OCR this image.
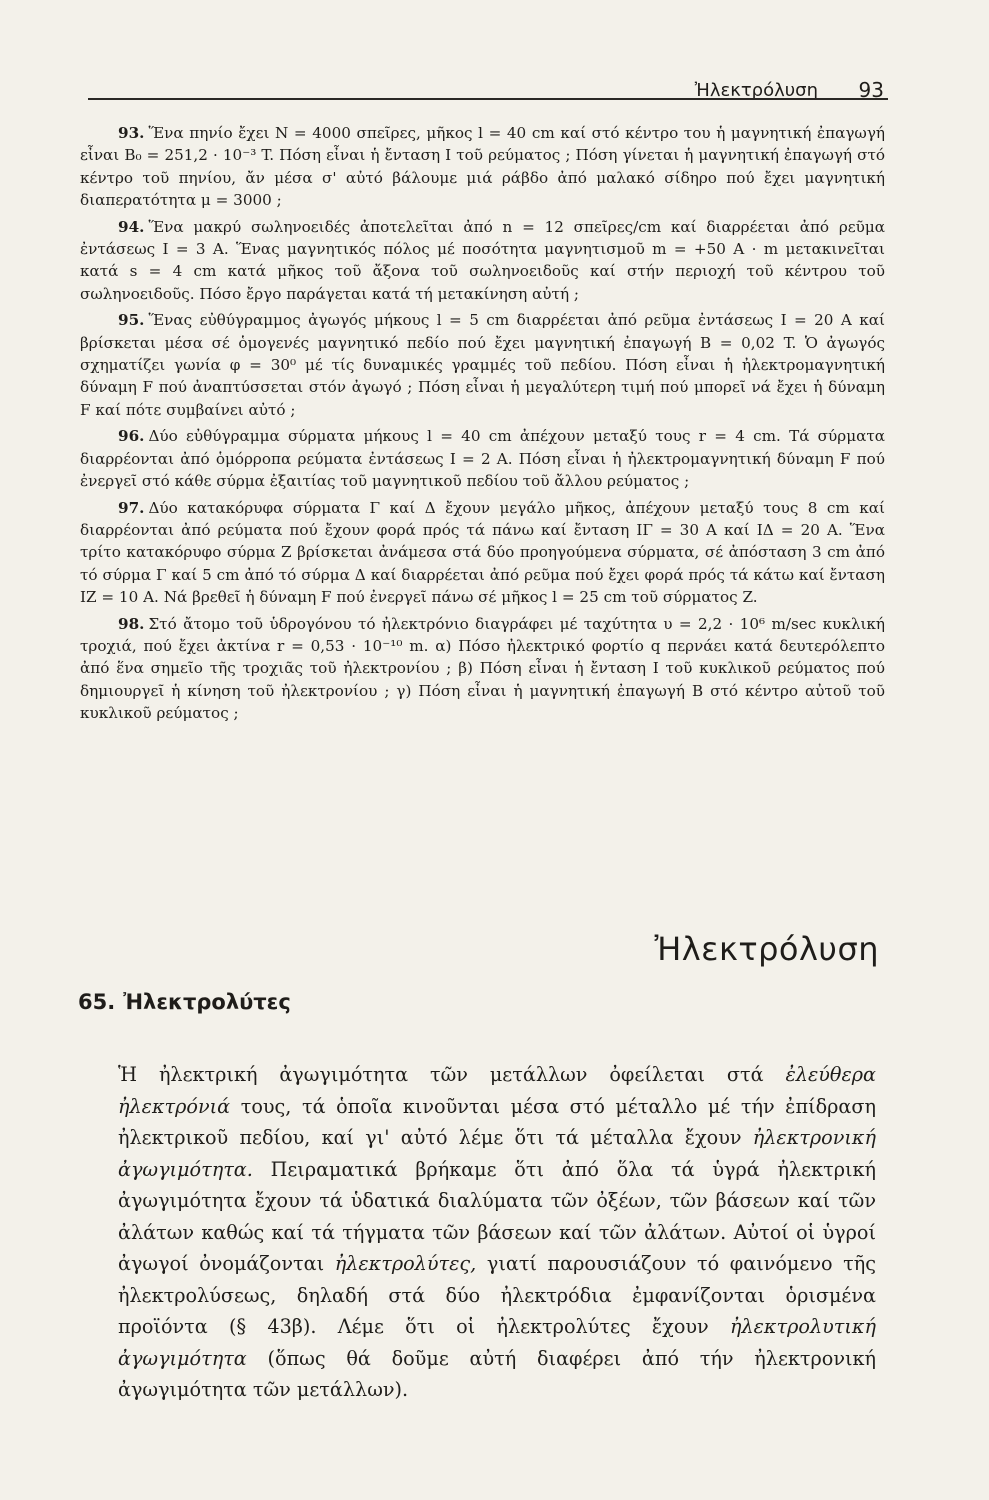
Ἠλεκτρόλυση 93

93. Ἕνα πηνίο ἔχει N = 4000 σπεῖρες, μῆκος l = 40 cm καί στό κέντρο του ἡ μαγνητική ἐπαγωγή εἶναι B₀ = 251,2 · 10⁻³ T. Πόση εἶναι ἡ ἔνταση I τοῦ ρεύματος ; Πόση γίνεται ἡ μαγνητική ἐπαγωγή στό κέντρο τοῦ πηνίου, ἄν μέσα σ' αὐτό βάλουμε μιά ράβδο ἀπό μαλακό σίδηρο πού ἔχει μαγνητική διαπερατότητα μ = 3000 ;

94. Ἕνα μακρύ σωληνοειδές ἀποτελεῖται ἀπό n = 12 σπεῖρες/cm καί διαρρέεται ἀπό ρεῦμα ἐντάσεως I = 3 A. Ἕνας μαγνητικός πόλος μέ ποσότητα μαγνητισμοῦ m = +50 A · m μετακινεῖται κατά s = 4 cm κατά μῆκος τοῦ ἄξονα τοῦ σωληνοειδοῦς καί στήν περιοχή τοῦ κέντρου τοῦ σωληνοειδοῦς. Πόσο ἔργο παράγεται κατά τή μετακίνηση αὐτή ;

95. Ἕνας εὐθύγραμμος ἀγωγός μήκους l = 5 cm διαρρέεται ἀπό ρεῦμα ἐντάσεως I = 20 A καί βρίσκεται μέσα σέ ὁμογενές μαγνητικό πεδίο πού ἔχει μαγνητική ἐπαγωγή B = 0,02 T. Ὁ ἀγωγός σχηματίζει γωνία φ = 30⁰ μέ τίς δυναμικές γραμμές τοῦ πεδίου. Πόση εἶναι ἡ ἠλεκτρομαγνητική δύναμη F πού ἀναπτύσσεται στόν ἀγωγό ; Πόση εἶναι ἡ μεγαλύτερη τιμή πού μπορεῖ νά ἔχει ἡ δύναμη F καί πότε συμβαίνει αὐτό ;

96. Δύο εὐθύγραμμα σύρματα μήκους l = 40 cm ἀπέχουν μεταξύ τους r = 4 cm. Τά σύρματα διαρρέονται ἀπό ὁμόρροπα ρεύματα ἐντάσεως I = 2 A. Πόση εἶναι ἡ ἠλεκτρομαγνητική δύναμη F πού ἐνεργεῖ στό κάθε σύρμα ἐξαιτίας τοῦ μαγνητικοῦ πεδίου τοῦ ἄλλου ρεύματος ;

97. Δύο κατακόρυφα σύρματα Γ καί Δ ἔχουν μεγάλο μῆκος, ἀπέχουν μεταξύ τους 8 cm καί διαρρέονται ἀπό ρεύματα πού ἔχουν φορά πρός τά πάνω καί ἔνταση IΓ = 30 A καί IΔ = 20 A. Ἕνα τρίτο κατακόρυφο σύρμα Z βρίσκεται ἀνάμεσα στά δύο προηγούμενα σύρματα, σέ ἀπόσταση 3 cm ἀπό τό σύρμα Γ καί 5 cm ἀπό τό σύρμα Δ καί διαρρέεται ἀπό ρεῦμα πού ἔχει φορά πρός τά κάτω καί ἔνταση IZ = 10 A. Νά βρεθεῖ ἡ δύναμη F πού ἐνεργεῖ πάνω σέ μῆκος l = 25 cm τοῦ σύρματος Z.

98. Στό ἄτομο τοῦ ὑδρογόνου τό ἠλεκτρόνιο διαγράφει μέ ταχύτητα υ = 2,2 · 10⁶ m/sec κυκλική τροχιά, πού ἔχει ἀκτίνα r = 0,53 · 10⁻¹⁰ m. α) Πόσο ἠλεκτρικό φορτίο q περνάει κατά δευτερόλεπτο ἀπό ἕνα σημεῖο τῆς τροχιᾶς τοῦ ἠλεκτρονίου ; β) Πόση εἶναι ἡ ἔνταση I τοῦ κυκλικοῦ ρεύματος πού δημιουργεῖ ἡ κίνηση τοῦ ἠλεκτρονίου ; γ) Πόση εἶναι ἡ μαγνητική ἐπαγωγή B στό κέντρο αὐτοῦ τοῦ κυκλικοῦ ρεύματος ;

Ἠλεκτρόλυση
65. Ἠλεκτρολύτες

Ἡ ἠλεκτρική ἀγωγιμότητα τῶν μετάλλων ὀφείλεται στά ἐλεύθερα ἠλεκτρόνιά τους, τά ὁποῖα κινοῦνται μέσα στό μέταλλο μέ τήν ἐπίδραση ἠλεκτρικοῦ πεδίου, καί γι' αὐτό λέμε ὅτι τά μέταλλα ἔχουν ἠλεκτρονική ἀγωγιμότητα. Πειραματικά βρήκαμε ὅτι ἀπό ὅλα τά ὑγρά ἠλεκτρική ἀγωγιμότητα ἔχουν τά ὑδατικά διαλύματα τῶν ὀξέων, τῶν βάσεων καί τῶν ἀλάτων καθώς καί τά τήγματα τῶν βάσεων καί τῶν ἀλάτων. Αὐτοί οἱ ὑγροί ἀγωγοί ὀνομάζονται ἠλεκτρολύτες, γιατί παρουσιάζουν τό φαινόμενο τῆς ἠλεκτρολύσεως, δηλαδή στά δύο ἠλεκτρόδια ἐμφανίζονται ὁρισμένα προϊόντα (§ 43β). Λέμε ὅτι οἱ ἠλεκτρολύτες ἔχουν ἠλεκτρολυτική ἀγωγιμότητα (ὅπως θά δοῦμε αὐτή διαφέρει ἀπό τήν ἠλεκτρονική ἀγωγιμότητα τῶν μετάλλων).
